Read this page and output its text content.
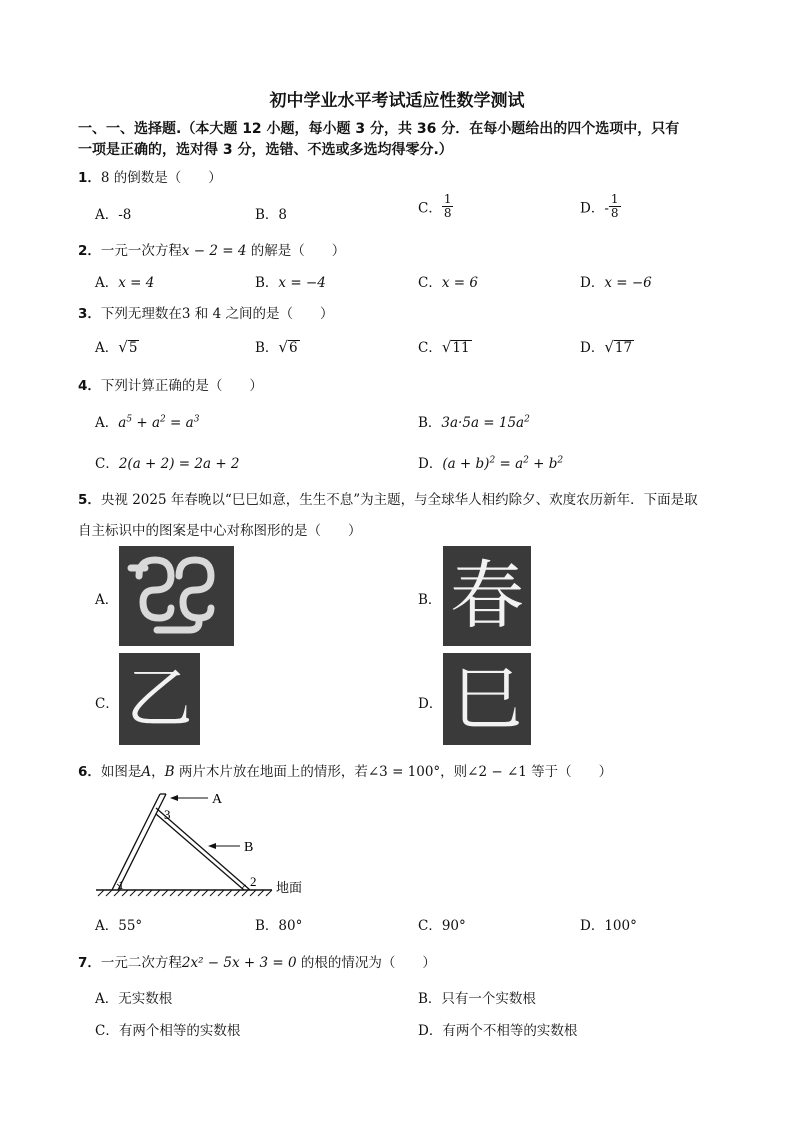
初中学业水平考试适应性数学测试
一、一、选择题.（本大题 12 小题，每小题 3 分，共 36 分．在每小题给出的四个选项中，只有
一项是正确的，选对得 3 分，选错、不选或多选均得零分.）
1．8 的倒数是（　　）
A．-8	B．8	C． $\frac{1}{8}$	D．- $\frac{1}{8}$
2．一元一次方程x − 2 = 4 的解是（　　）
A．x = 4	B．x = −4	C．x = 6	D．x = −6
3．下列无理数在3 和 4 之间的是（　　）
A．√5	B．√6	C．√11	D．√17
4．下列计算正确的是（　　）
A．$a^5 + a^2 = a^3$	B．$3a\cdot 5a = 15a^2$
C．2(a + 2) = 2a + 2	D．$(a + b)^2 = a^2 + b^2$
5．央视 2025 年春晚以“巳巳如意，生生不息”为主题，与全球华人相约除夕、欢度农历新年．下面是取
自主标识中的图案是中心对称图形的是（　　）
A．	B． 春
C． 乙	D． 巳
6．如图是A，B 两片木片放在地面上的情形，若∠3 = 100°，则∠2 − ∠1 等于（　　）
A
B
1	2
3
地面
A．55°	B．80°	C．90°	D．100°
7．一元二次方程2x² − 5x + 3 = 0 的根的情况为（　　）
A．无实数根	B．只有一个实数根
C．有两个相等的实数根	D．有两个不相等的实数根
